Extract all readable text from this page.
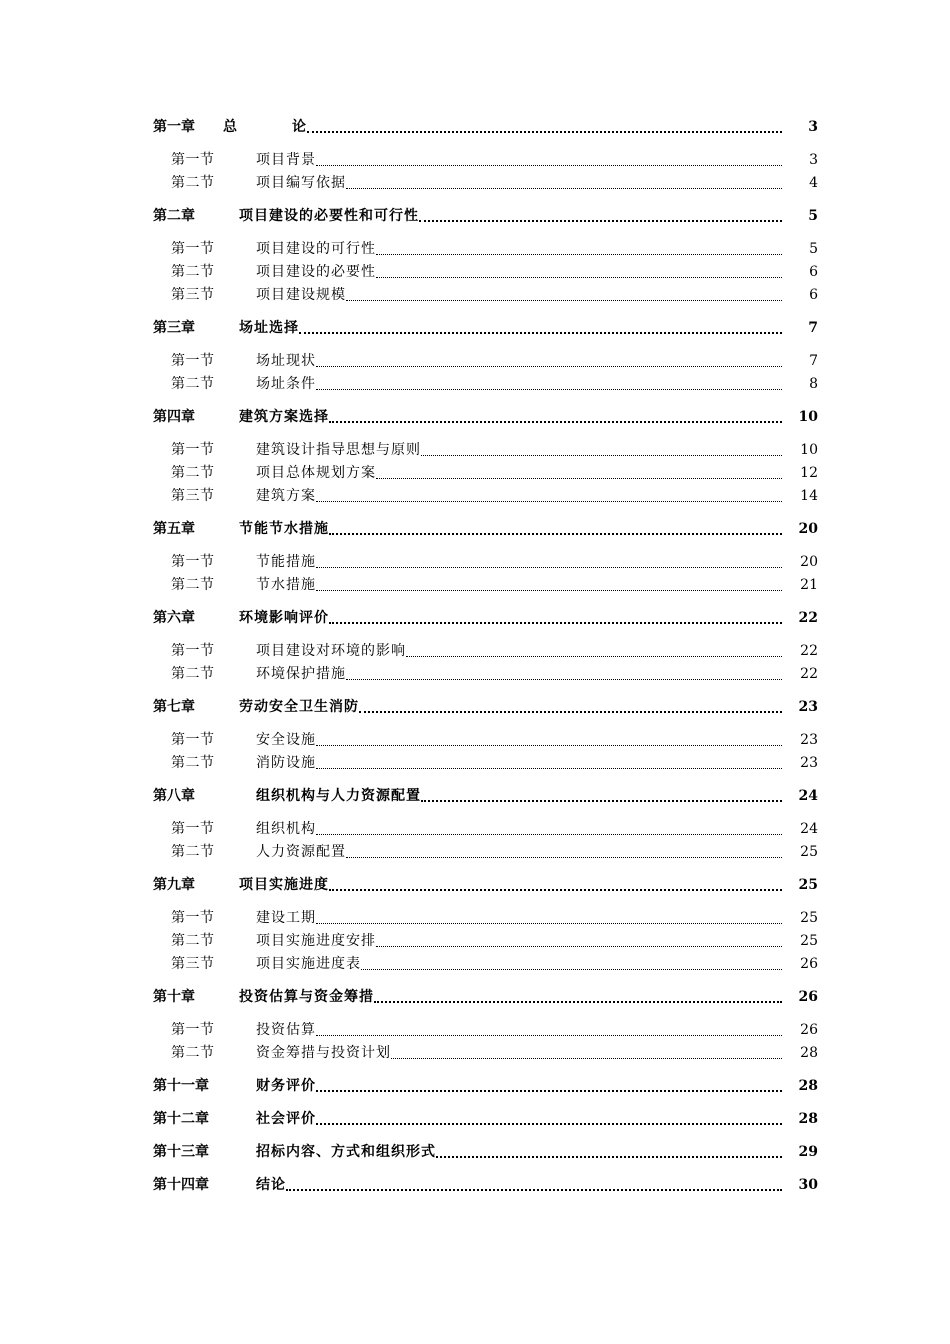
第一章	总	论	3
第一节	项目背景	3
第二节	项目编写依据	4
第二章	项目建设的必要性和可行性	5
第一节	项目建设的可行性	5
第二节	项目建设的必要性	6
第三节	项目建设规模	6
第三章	场址选择	7
第一节	场址现状	7
第二节	场址条件	8
第四章	建筑方案选择	10
第一节	建筑设计指导思想与原则	10
第二节	项目总体规划方案	12
第三节	建筑方案	14
第五章	节能节水措施	20
第一节	节能措施	20
第二节	节水措施	21
第六章	环境影响评价	22
第一节	项目建设对环境的影响	22
第二节	环境保护措施	22
第七章	劳动安全卫生消防	23
第一节	安全设施	23
第二节	消防设施	23
第八章	组织机构与人力资源配置	24
第一节	组织机构	24
第二节	人力资源配置	25
第九章	项目实施进度	25
第一节	建设工期	25
第二节	项目实施进度安排	25
第三节	项目实施进度表	26
第十章	投资估算与资金筹措	26
第一节	投资估算	26
第二节	资金筹措与投资计划	28
第十一章	财务评价	28
第十二章	社会评价	28
第十三章	招标内容、方式和组织形式	29
第十四章	结论	30
